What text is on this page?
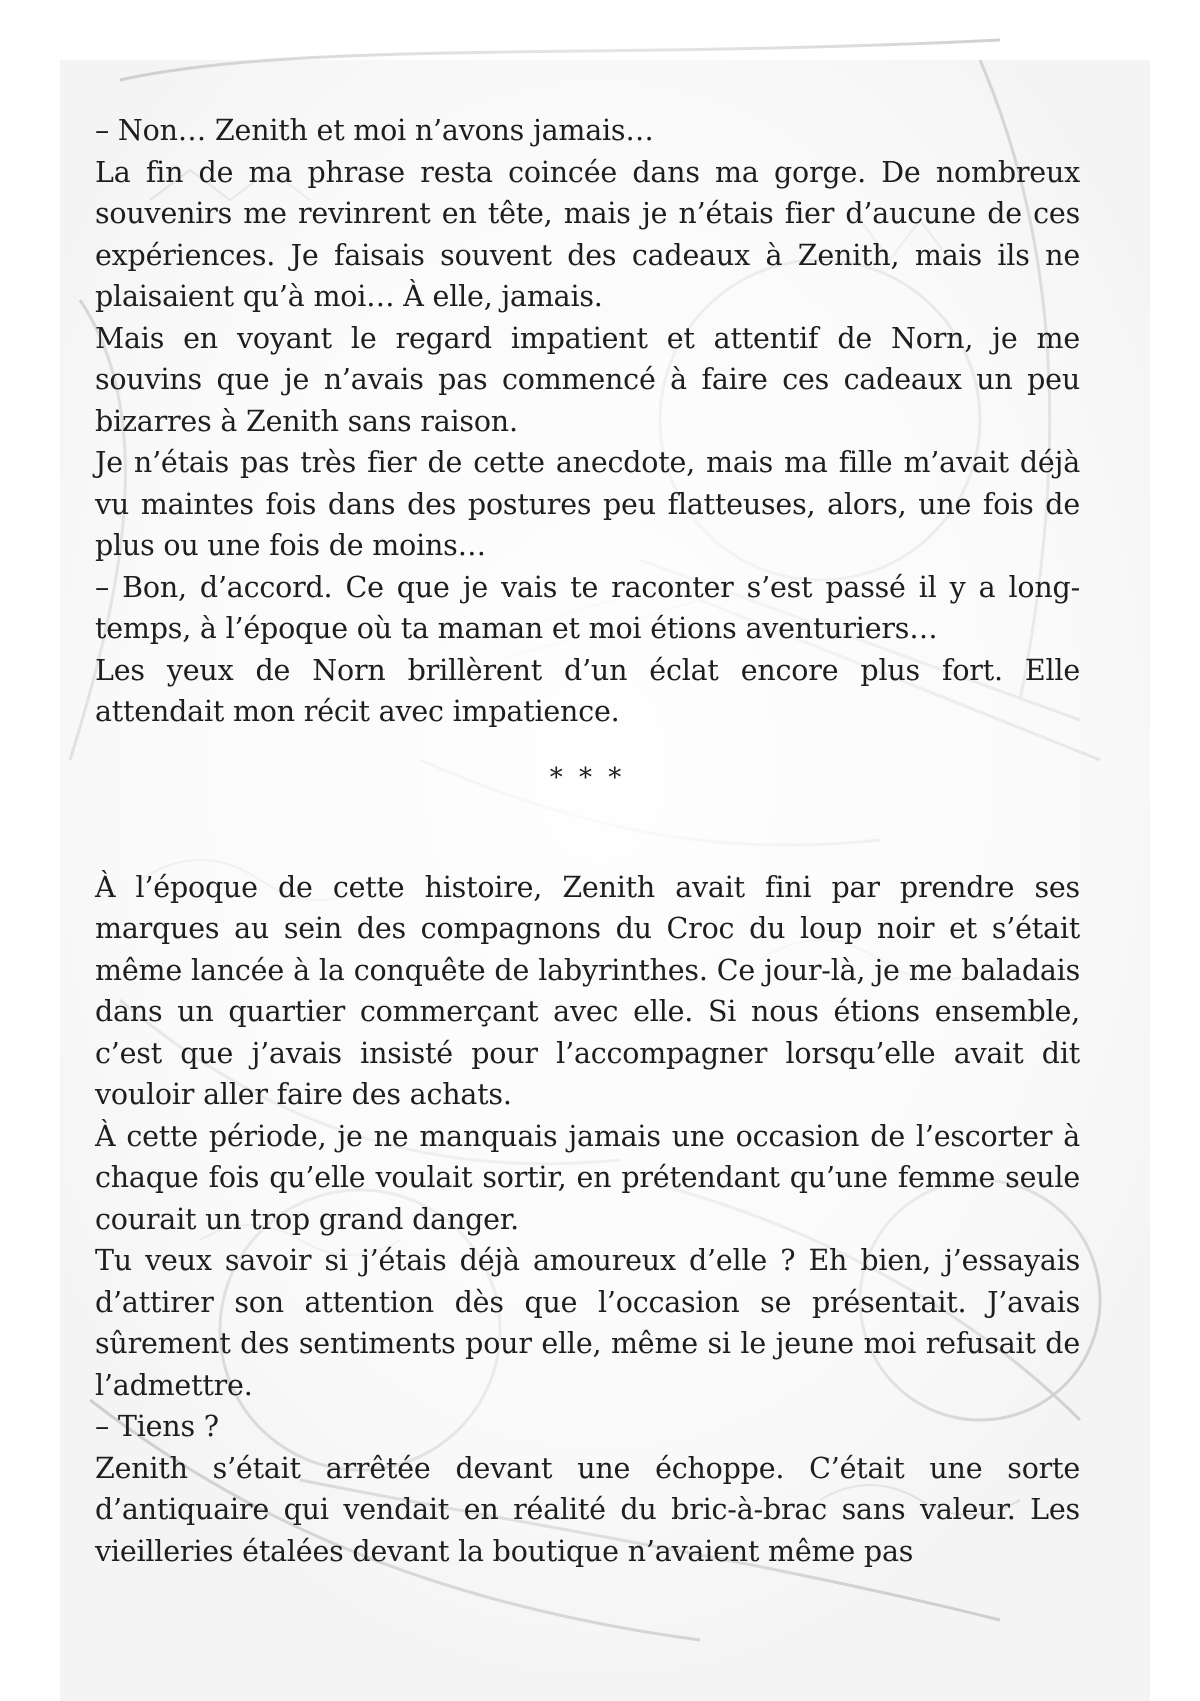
– Non… Zenith et moi n’avons jamais…

La fin de ma phrase resta coincée dans ma gorge. De nombreux souvenirs me revinrent en tête, mais je n’étais fier d’aucune de ces expériences. Je faisais souvent des cadeaux à Zenith, mais ils ne plaisaient qu’à moi… À elle, jamais.

Mais en voyant le regard impatient et attentif de Norn, je me souvins que je n’avais pas commencé à faire ces cadeaux un peu bizarres à Zenith sans raison.

Je n’étais pas très fier de cette anecdote, mais ma fille m’avait déjà vu maintes fois dans des postures peu flatteuses, alors, une fois de plus ou une fois de moins…

– Bon, d’accord. Ce que je vais te raconter s’est passé il y a long-temps, à l’époque où ta maman et moi étions aventuriers…

Les yeux de Norn brillèrent d’un éclat encore plus fort. Elle attendait mon récit avec impatience.

* * *

À l’époque de cette histoire, Zenith avait fini par prendre ses marques au sein des compagnons du Croc du loup noir et s’était même lancée à la conquête de labyrinthes. Ce jour-là, je me baladais dans un quartier commerçant avec elle. Si nous étions ensemble, c’est que j’avais insisté pour l’accompagner lorsqu’elle avait dit vouloir aller faire des achats.

À cette période, je ne manquais jamais une occasion de l’escorter à chaque fois qu’elle voulait sortir, en prétendant qu’une femme seule courait un trop grand danger.

Tu veux savoir si j’étais déjà amoureux d’elle ? Eh bien, j’essayais d’attirer son attention dès que l’occasion se présentait. J’avais sûrement des sentiments pour elle, même si le jeune moi refusait de l’admettre.

– Tiens ?

Zenith s’était arrêtée devant une échoppe. C’était une sorte d’antiquaire qui vendait en réalité du bric-à-brac sans valeur. Les vieilleries étalées devant la boutique n’avaient même pas
